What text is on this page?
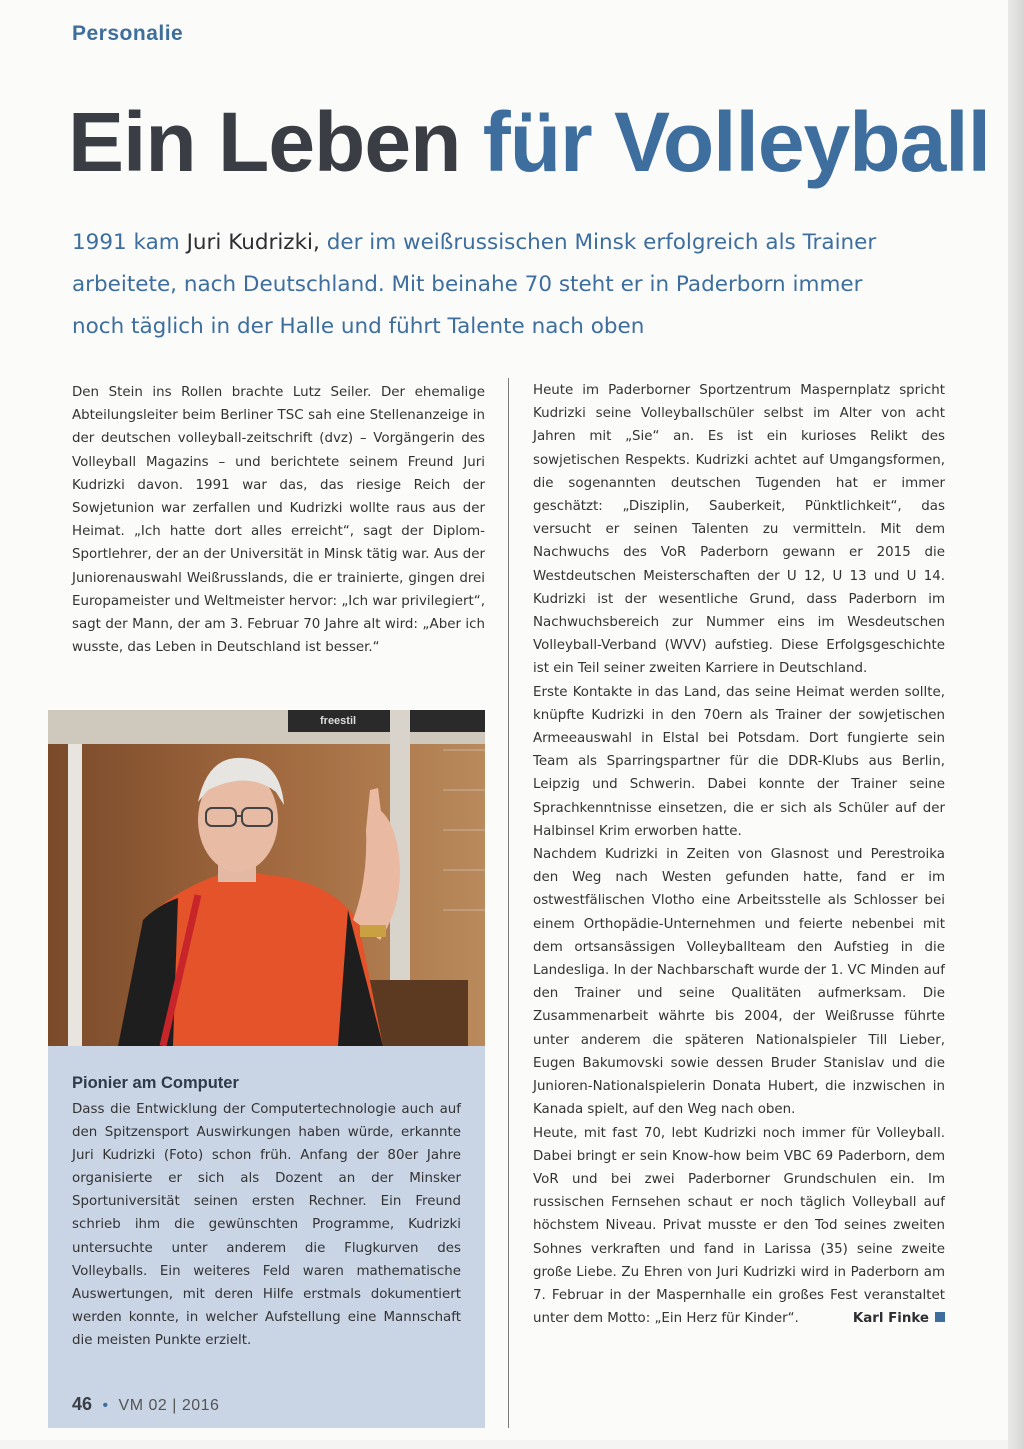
Personalie
Ein Leben für Volleyball
1991 kam Juri Kudrizki, der im weißrussischen Minsk erfolgreich als Trainer arbeitete, nach Deutschland. Mit beinahe 70 steht er in Paderborn immer noch täglich in der Halle und führt Talente nach oben

Den Stein ins Rollen brachte Lutz Seiler. Der ehemalige Abteilungsleiter beim Berliner TSC sah eine Stellenanzeige in der deutschen volleyball-zeitschrift (dvz) – Vorgängerin des Volleyball Magazins – und berichtete seinem Freund Juri Kudrizki davon. 1991 war das, das riesige Reich der Sowjetunion war zerfallen und Kudrizki wollte raus aus der Heimat. „Ich hatte dort alles erreicht“, sagt der Diplom-Sportlehrer, der an der Universität in Minsk tätig war. Aus der Juniorenauswahl Weißrusslands, die er trainierte, gingen drei Europameister und Weltmeister hervor: „Ich war privilegiert“, sagt der Mann, der am 3. Februar 70 Jahre alt wird: „Aber ich wusste, das Leben in Deutschland ist besser.“

freestil
Pionier am Computer
Dass die Entwicklung der Computertechnologie auch auf den Spitzensport Auswirkungen haben würde, erkannte Juri Kudrizki (Foto) schon früh. Anfang der 80er Jahre organisierte er sich als Dozent an der Minsker Sportuniversität seinen ersten Rechner. Ein Freund schrieb ihm die gewünschten Programme, Kudrizki untersuchte unter anderem die Flugkurven des Volleyballs. Ein weiteres Feld waren mathematische Auswertungen, mit deren Hilfe erstmals dokumentiert werden konnte, in welcher Aufstellung eine Mannschaft die meisten Punkte erzielt.
46 • VM 02 | 2016

Heute im Paderborner Sportzentrum Maspernplatz spricht Kudrizki seine Volleyballschüler selbst im Alter von acht Jahren mit „Sie“ an. Es ist ein kurioses Relikt des sowjetischen Respekts. Kudrizki achtet auf Umgangsformen, die sogenannten deutschen Tugenden hat er immer geschätzt: „Disziplin, Sauberkeit, Pünktlichkeit“, das versucht er seinen Talenten zu vermitteln. Mit dem Nachwuchs des VoR Paderborn gewann er 2015 die Westdeutschen Meisterschaften der U 12, U 13 und U 14. Kudrizki ist der wesentliche Grund, dass Paderborn im Nachwuchsbereich zur Nummer eins im Wesdeutschen Volleyball-Verband (WVV) aufstieg. Diese Erfolgsgeschichte ist ein Teil seiner zweiten Karriere in Deutschland.

Erste Kontakte in das Land, das seine Heimat werden sollte, knüpfte Kudrizki in den 70ern als Trainer der sowjetischen Armeeauswahl in Elstal bei Potsdam. Dort fungierte sein Team als Sparringspartner für die DDR-Klubs aus Berlin, Leipzig und Schwerin. Dabei konnte der Trainer seine Sprachkenntnisse einsetzen, die er sich als Schüler auf der Halbinsel Krim erworben hatte.

Nachdem Kudrizki in Zeiten von Glasnost und Perestroika den Weg nach Westen gefunden hatte, fand er im ostwestfälischen Vlotho eine Arbeitsstelle als Schlosser bei einem Orthopädie-Unternehmen und feierte nebenbei mit dem ortsansässigen Volleyballteam den Aufstieg in die Landesliga. In der Nachbarschaft wurde der 1. VC Minden auf den Trainer und seine Qualitäten aufmerksam. Die Zusammenarbeit währte bis 2004, der Weißrusse führte unter anderem die späteren Nationalspieler Till Lieber, Eugen Bakumovski sowie dessen Bruder Stanislav und die Junioren-Nationalspielerin Donata Hubert, die inzwischen in Kanada spielt, auf den Weg nach oben.

Heute, mit fast 70, lebt Kudrizki noch immer für Volleyball. Dabei bringt er sein Know-how beim VBC 69 Paderborn, dem VoR und bei zwei Paderborner Grundschulen ein. Im russischen Fernsehen schaut er noch täglich Volleyball auf höchstem Niveau. Privat musste er den Tod seines zweiten Sohnes verkraften und fand in Larissa (35) seine zweite große Liebe. Zu Ehren von Juri Kudrizki wird in Paderborn am 7. Februar in der Maspernhalle ein großes Fest veranstaltet unter dem Motto: „Ein Herz für Kinder“.	Karl Finke
